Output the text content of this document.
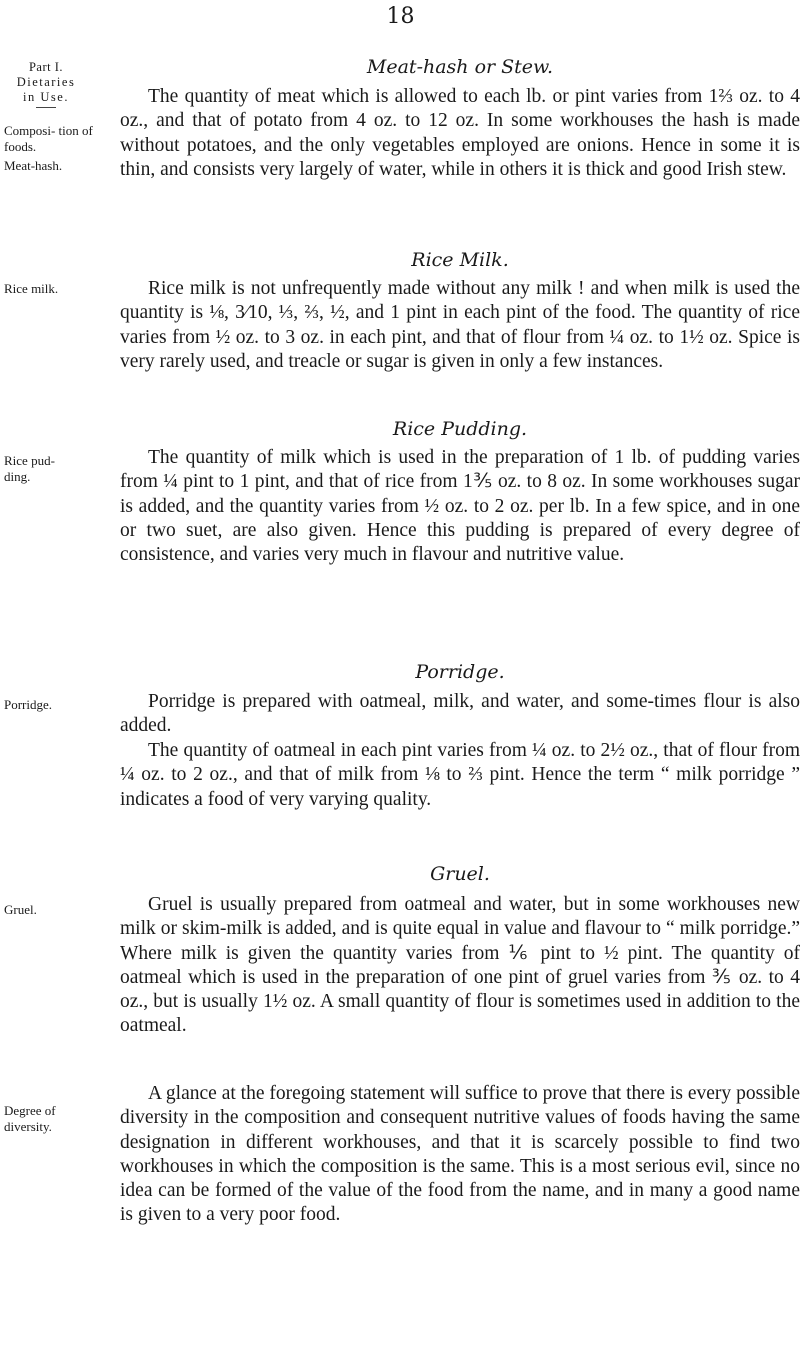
18
Part I.
Dietaries
in Use.
Composi- tion of foods.
Meat-hash.
Rice milk.
Rice pud- ding.
Porridge.
Gruel.
Degree of diversity.
Meat-hash or Stew.

The quantity of meat which is allowed to each lb. or pint varies from 1⅔ oz. to 4 oz., and that of potato from 4 oz. to 12 oz. In some workhouses the hash is made without potatoes, and the only vegetables employed are onions. Hence in some it is thin, and consists very largely of water, while in others it is thick and good Irish stew.

Rice Milk.

Rice milk is not unfrequently made without any milk ! and when milk is used the quantity is ⅛, 3⁄10, ⅓, ⅔, ½, and 1 pint in each pint of the food. The quantity of rice varies from ½ oz. to 3 oz. in each pint, and that of flour from ¼ oz. to 1½ oz. Spice is very rarely used, and treacle or sugar is given in only a few instances.

Rice Pudding.

The quantity of milk which is used in the preparation of 1 lb. of pudding varies from ¼ pint to 1 pint, and that of rice from 1⅗ oz. to 8 oz. In some workhouses sugar is added, and the quantity varies from ½ oz. to 2 oz. per lb. In a few spice, and in one or two suet, are also given. Hence this pudding is prepared of every degree of consistence, and varies very much in flavour and nutritive value.

Porridge.

Porridge is prepared with oatmeal, milk, and water, and some-times flour is also added.

The quantity of oatmeal in each pint varies from ¼ oz. to 2½ oz., that of flour from ¼ oz. to 2 oz., and that of milk from ⅛ to ⅔ pint. Hence the term “ milk porridge ” indicates a food of very varying quality.

Gruel.

Gruel is usually prepared from oatmeal and water, but in some workhouses new milk or skim-milk is added, and is quite equal in value and flavour to “ milk porridge.” Where milk is given the quantity varies from ⅙ pint to ½ pint. The quantity of oatmeal which is used in the preparation of one pint of gruel varies from ⅗ oz. to 4 oz., but is usually 1½ oz. A small quantity of flour is sometimes used in addition to the oatmeal.

A glance at the foregoing statement will suffice to prove that there is every possible diversity in the composition and consequent nutritive values of foods having the same designation in different workhouses, and that it is scarcely possible to find two workhouses in which the composition is the same. This is a most serious evil, since no idea can be formed of the value of the food from the name, and in many a good name is given to a very poor food.
